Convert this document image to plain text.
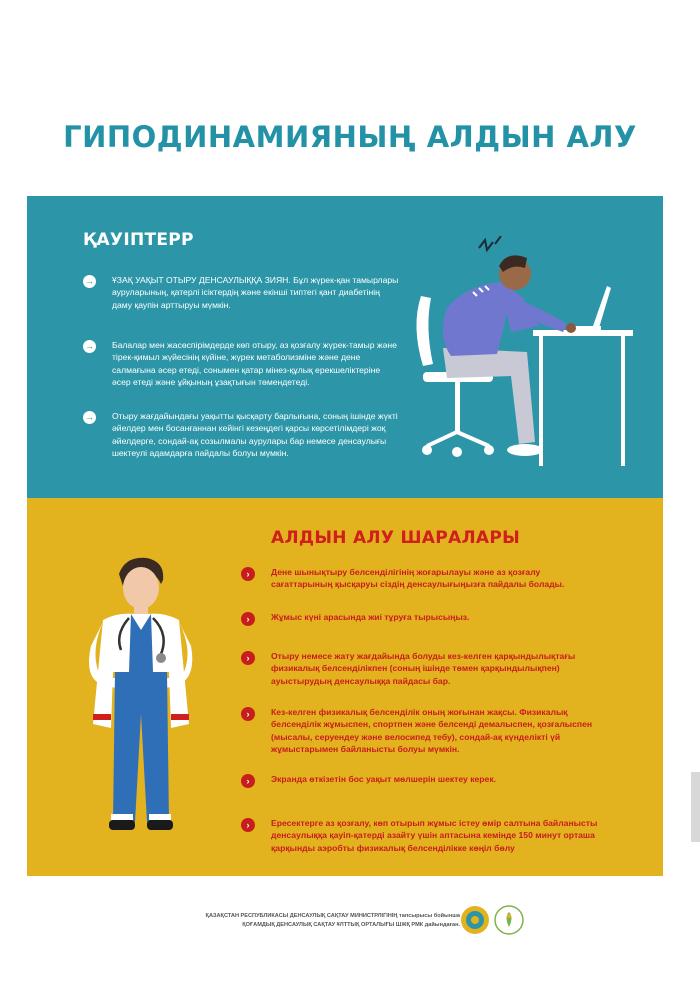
ГИПОДИНАМИЯНЫҢ АЛДЫН АЛУ
ҚАУІПТЕРР
→ ҰЗАҚ УАҚЫТ ОТЫРУ ДЕНСАУЛЫҚҚА ЗИЯН. Бұл жүрек-қан тамырлары ауруларының, қатерлі ісіктердің және екінші типтегі қант диабетінің даму қаупін арттыруы мүмкін.
→ Балалар мен жасөспірімдерде көп отыру, аз қозғалу жүрек-тамыр және тірек-қимыл жүйесінің күйіне, жүрек метаболизміне және дене салмағына әсер етеді, сонымен қатар мінез-құлық ерекшеліктеріне әсер етеді және ұйқының ұзақтығын төмендетеді.
→ Отыру жағдайындағы уақытты қысқарту барлығына, соның ішінде жүкті әйелдер мен босанғаннан кейінгі кезеңдегі қарсы көрсетілімдері жоқ әйелдерге, сондай-ақ созылмалы аурулары бар немесе денсаулығы шектеулі адамдарға пайдалы болуы мүмкін.
АЛДЫН АЛУ ШАРАЛАРЫ
›	Дене шынықтыру белсенділігінің жоғарылауы және аз қозғалу сағаттарының қысқаруы сіздің денсаулығыңызға пайдалы болады.
›	Жұмыс күні арасында жиі тұруға тырысыңыз.
›	Отыру немесе жату жағдайында болуды кез-келген қарқындылықтағы физикалық белсенділікпен (соның ішінде төмен қарқындылықпен) ауыстырудың денсаулыққа пайдасы бар.
›	Кез-келген физикалық белсенділік оның жоғынан жақсы. Физикалық белсенділік жұмыспен, спортпен және белсенді демалыспен, қозғалыспен (мысалы, серуендеу және велосипед тебу), сондай-ақ күнделікті үй жұмыстарымен байланысты болуы мүмкін.
›	Экранда өткізетін бос уақыт мөлшерін шектеу керек.
›	Ересектерге аз қозғалу, көп отырып жұмыс істеу өмір салтына байланысты денсаулыққа қауіп-қатерді азайту үшін аптасына кемінде 150 минут орташа қарқынды аэробты физикалық белсенділікке көңіл бөлу
ҚАЗАҚСТАН РЕСПУБЛИКАСЫ ДЕНСАУЛЫҚ САҚТАУ МИНИСТРЛІГІНІҢ тапсырысы бойынша
ҚОҒАМДЫҚ ДЕНСАУЛЫҚ САҚТАУ ҰЛТТЫҚ ОРТАЛЫҒЫ ШЖҚ РМК дайындаған.
